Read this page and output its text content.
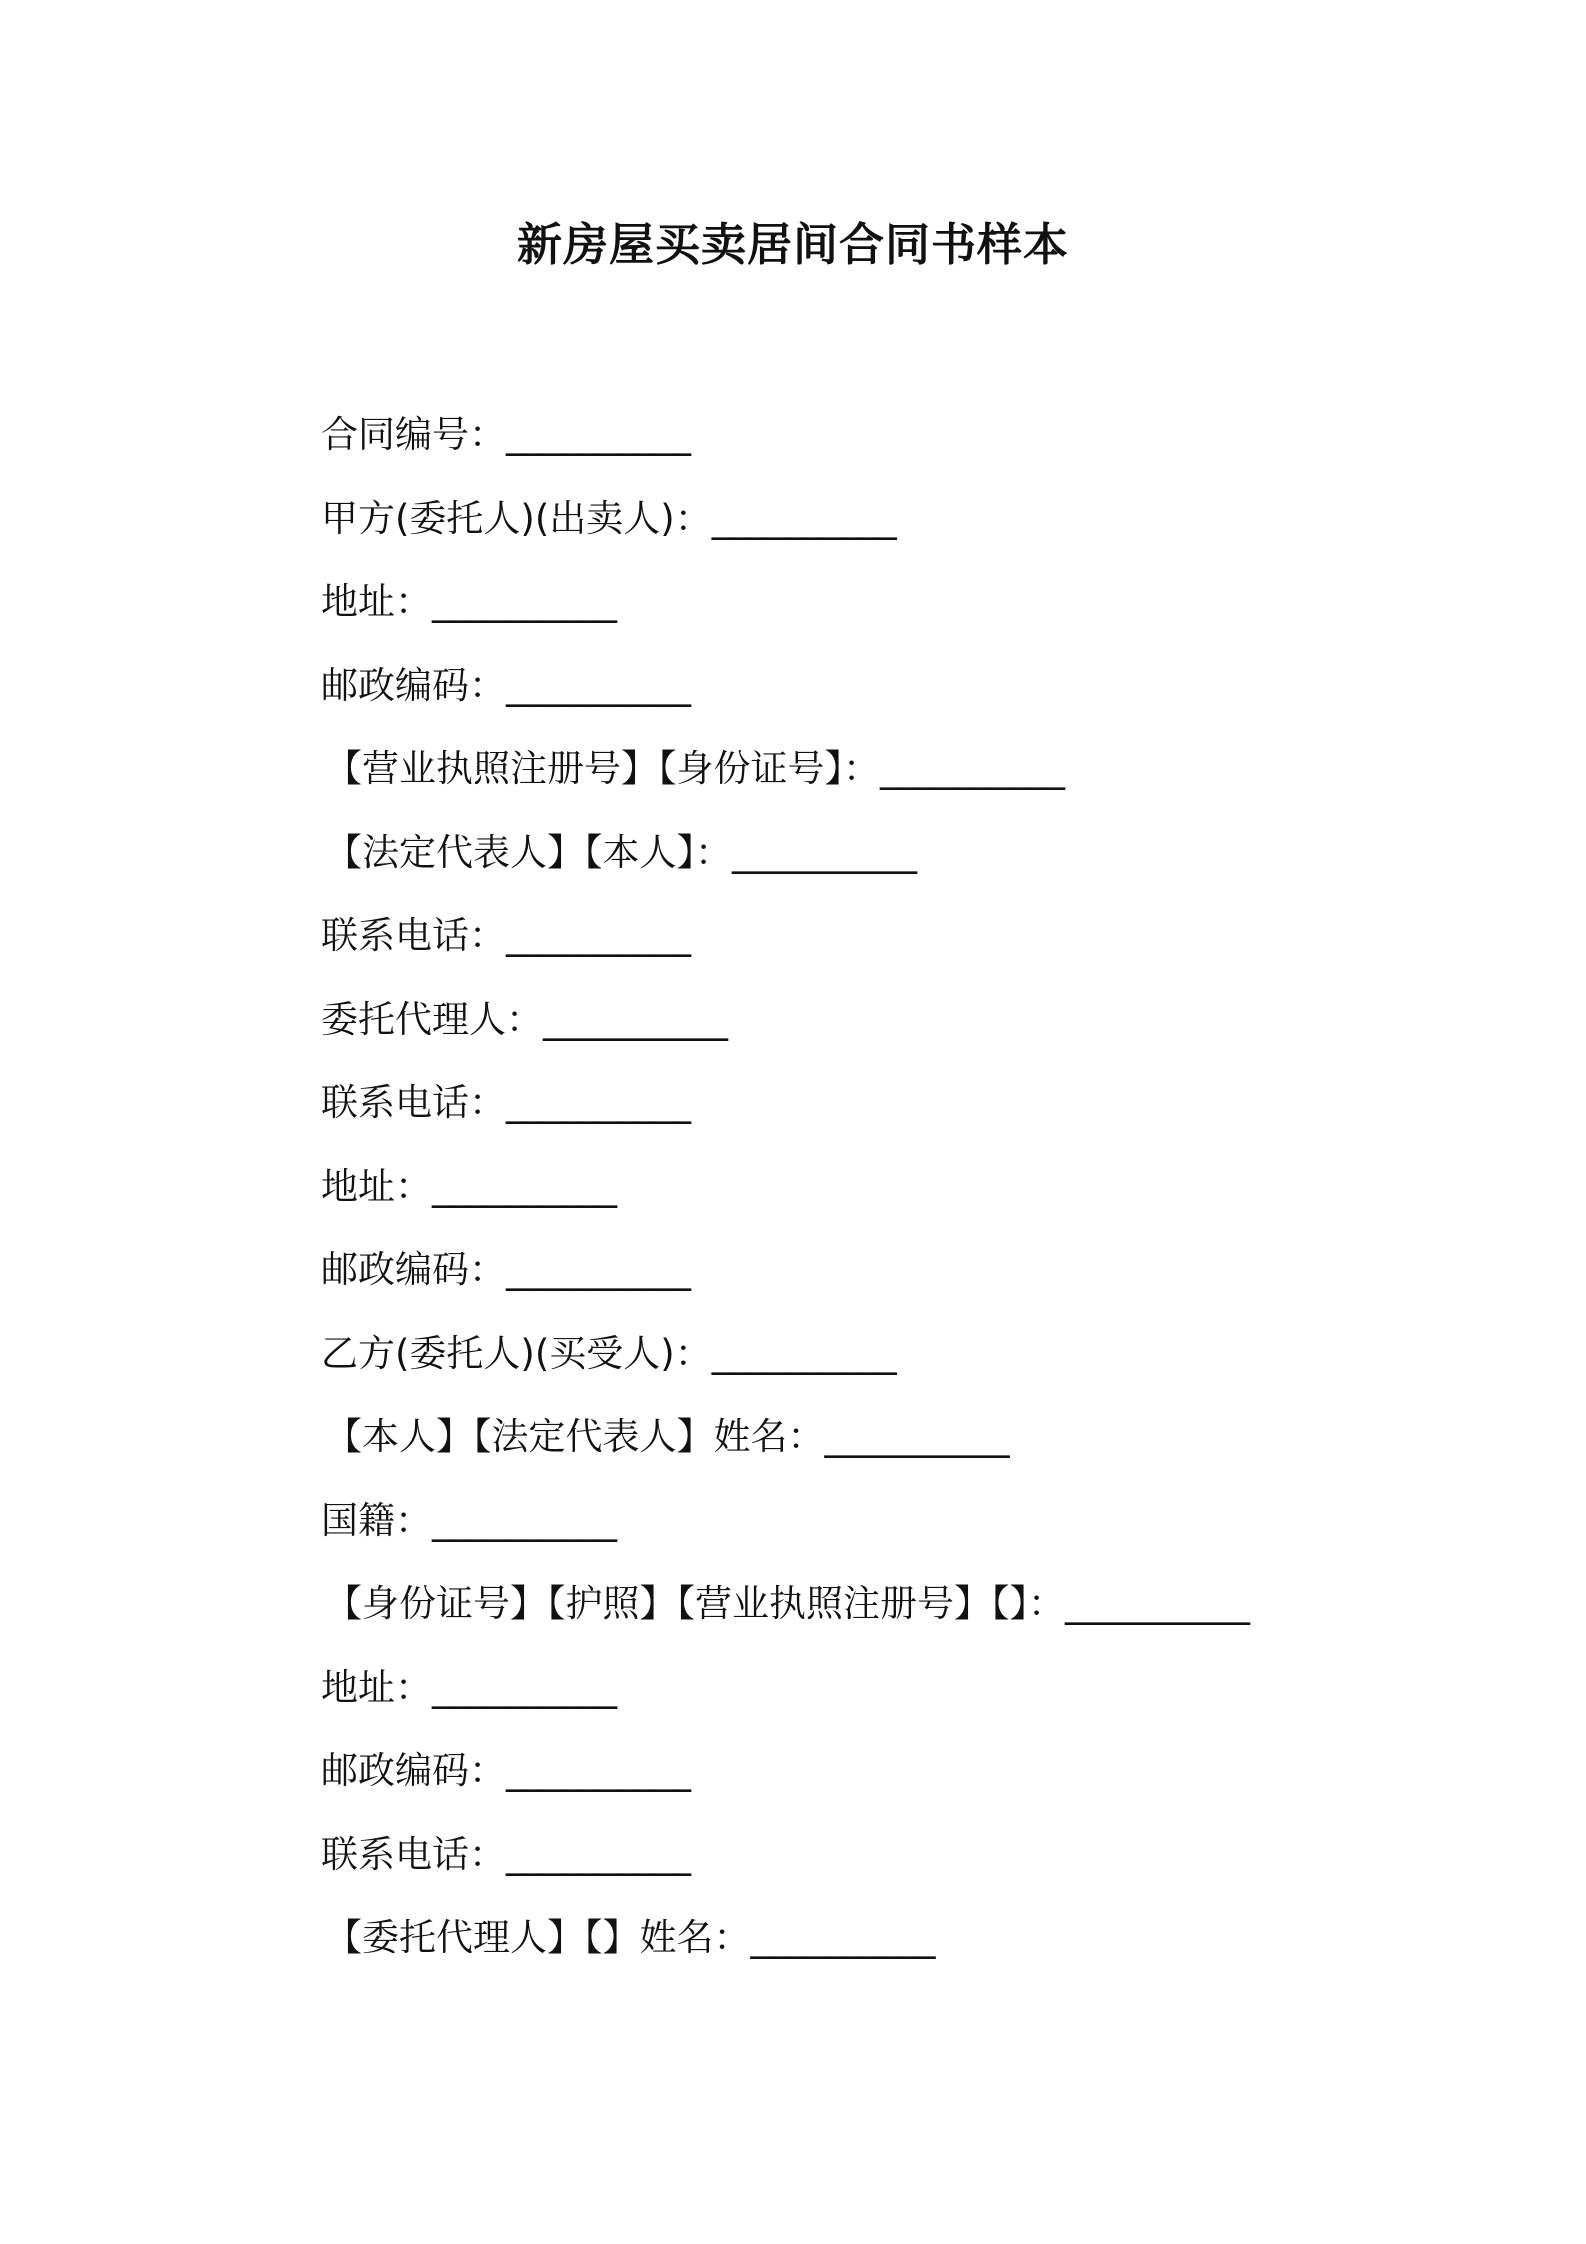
新房屋买卖居间合同书样本
合同编号：__________
甲方(委托人)(出卖人)：__________
地址：__________
邮政编码：__________
【营业执照注册号】【身份证号】：__________
【法定代表人】【本人】：__________
联系电话：__________
委托代理人：__________
联系电话：__________
地址：__________
邮政编码：__________
乙方(委托人)(买受人)：__________
【本人】【法定代表人】姓名：__________
国籍：__________
【身份证号】【护照】【营业执照注册号】【】：__________
地址：__________
邮政编码：__________
联系电话：__________
【委托代理人】【】姓名：__________
